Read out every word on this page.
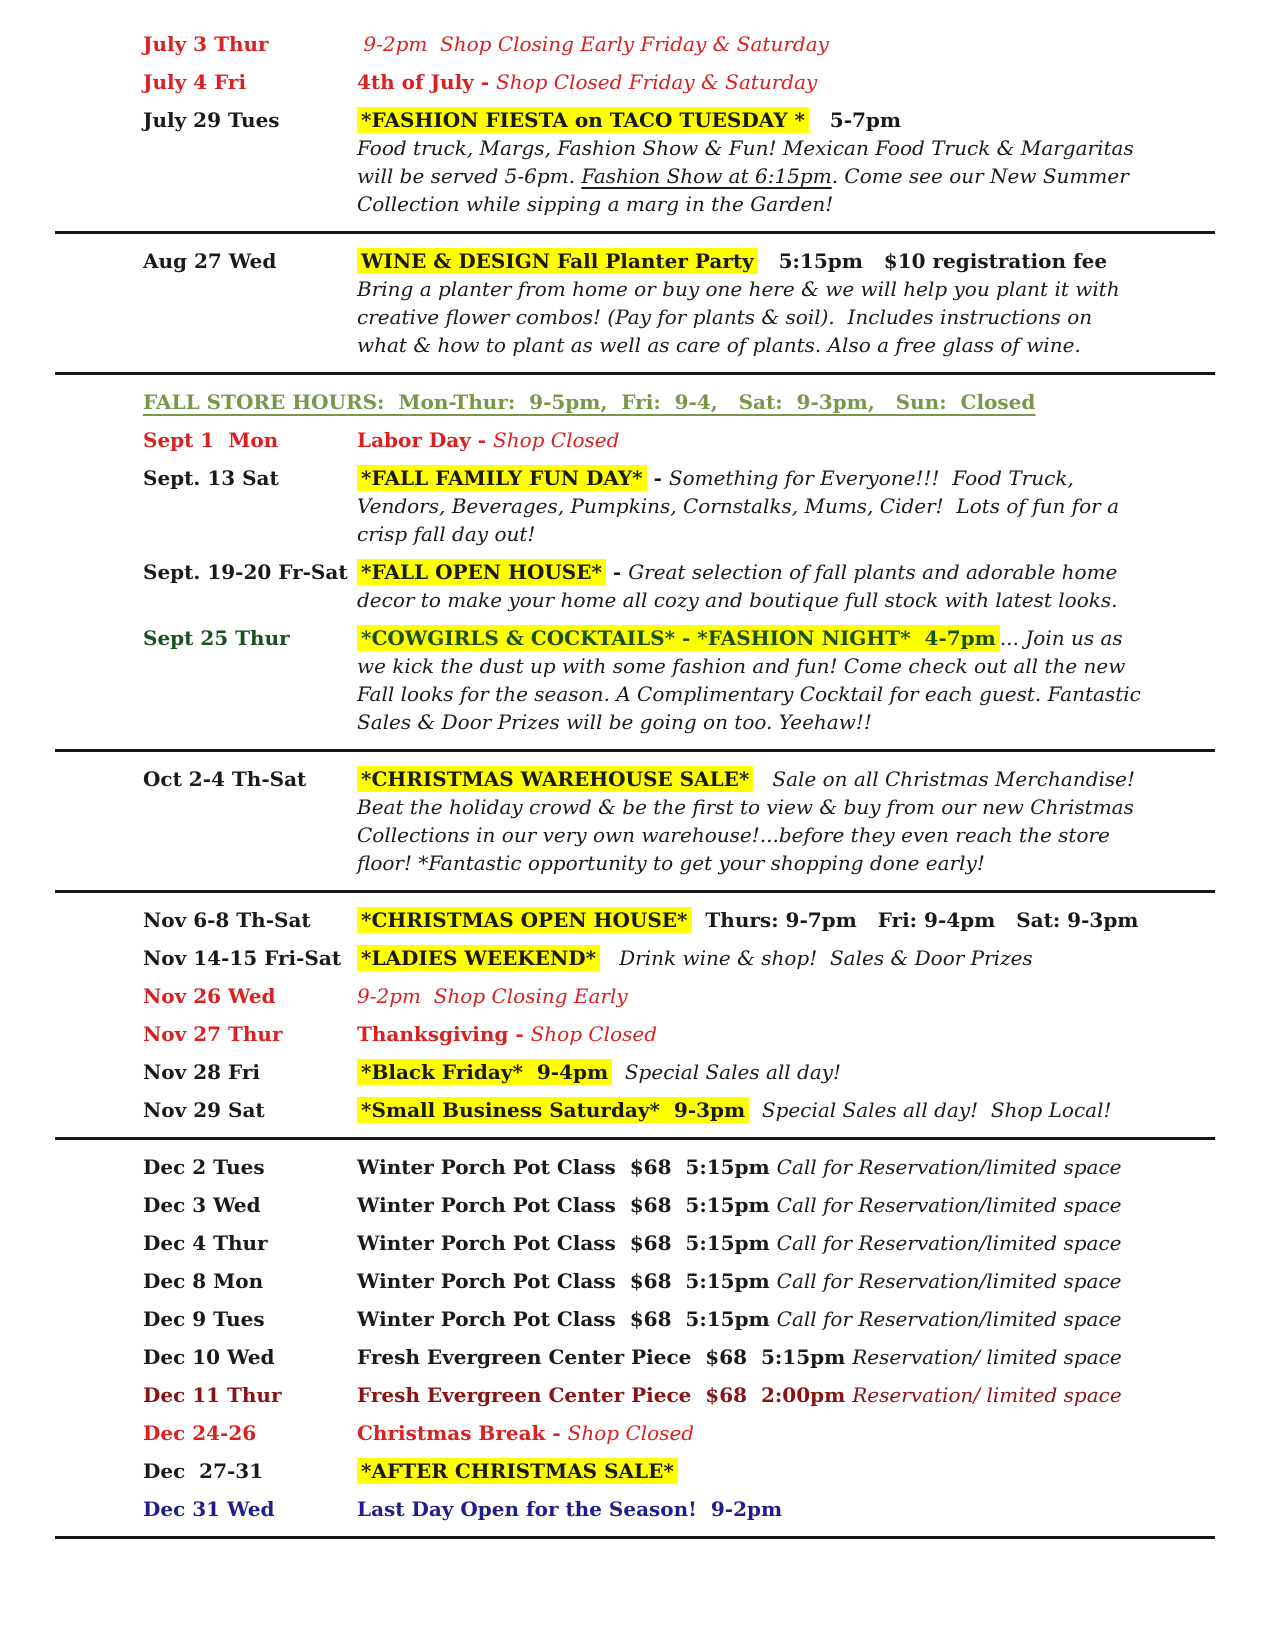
July 3 Thur	9-2pm  Shop Closing Early Friday & Saturday
July 4 Fri	4th of July - Shop Closed Friday & Saturday
July 29 Tues	*FASHION FIESTA on TACO TUESDAY *   5-7pm
Food truck, Margs, Fashion Show & Fun! Mexican Food Truck & Margaritas will be served 5-6pm. Fashion Show at 6:15pm. Come see our New Summer Collection while sipping a marg in the Garden!
Aug 27 Wed	WINE & DESIGN Fall Planter Party   5:15pm   $10 registration fee
Bring a planter from home or buy one here & we will help you plant it with creative flower combos! (Pay for plants & soil).  Includes instructions on what & how to plant as well as care of plants. Also a free glass of wine.
FALL STORE HOURS:  Mon-Thur:  9-5pm,  Fri:  9-4,   Sat:  9-3pm,   Sun:  Closed
Sept 1  Mon	Labor Day - Shop Closed
Sept. 13 Sat	*FALL FAMILY FUN DAY* - Something for Everyone!!!  Food Truck, Vendors, Beverages, Pumpkins, Cornstalks, Mums, Cider!  Lots of fun for a crisp fall day out!
Sept. 19-20 Fr-Sat *FALL OPEN HOUSE* - Great selection of fall plants and adorable home decor to make your home all cozy and boutique full stock with latest looks.
Sept 25 Thur	*COWGIRLS & COCKTAILS* - *FASHION NIGHT*  4-7pm ... Join us as we kick the dust up with some fashion and fun! Come check out all the new Fall looks for the season. A Complimentary Cocktail for each guest. Fantastic Sales & Door Prizes will be going on too. Yeehaw!!
Oct 2-4 Th-Sat	*CHRISTMAS WAREHOUSE SALE*   Sale on all Christmas Merchandise! Beat the holiday crowd & be the first to view & buy from our new Christmas Collections in our very own warehouse!...before they even reach the store floor! *Fantastic opportunity to get your shopping done early!
Nov 6-8 Th-Sat	*CHRISTMAS OPEN HOUSE*  Thurs: 9-7pm   Fri: 9-4pm   Sat: 9-3pm
Nov 14-15 Fri-Sat *LADIES WEEKEND*   Drink wine & shop!  Sales & Door Prizes
Nov 26 Wed	9-2pm  Shop Closing Early
Nov 27 Thur	Thanksgiving - Shop Closed
Nov 28 Fri	*Black Friday*  9-4pm  Special Sales all day!
Nov 29 Sat	*Small Business Saturday*  9-3pm  Special Sales all day!  Shop Local!
Dec 2 Tues	Winter Porch Pot Class  $68  5:15pm Call for Reservation/limited space
Dec 3 Wed	Winter Porch Pot Class  $68  5:15pm Call for Reservation/limited space
Dec 4 Thur	Winter Porch Pot Class  $68  5:15pm Call for Reservation/limited space
Dec 8 Mon	Winter Porch Pot Class  $68  5:15pm Call for Reservation/limited space
Dec 9 Tues	Winter Porch Pot Class  $68  5:15pm Call for Reservation/limited space
Dec 10 Wed	Fresh Evergreen Center Piece  $68  5:15pm Reservation/ limited space
Dec 11 Thur	Fresh Evergreen Center Piece  $68  2:00pm Reservation/ limited space
Dec 24-26	Christmas Break - Shop Closed
Dec  27-31	*AFTER CHRISTMAS SALE*
Dec 31 Wed	Last Day Open for the Season!  9-2pm
